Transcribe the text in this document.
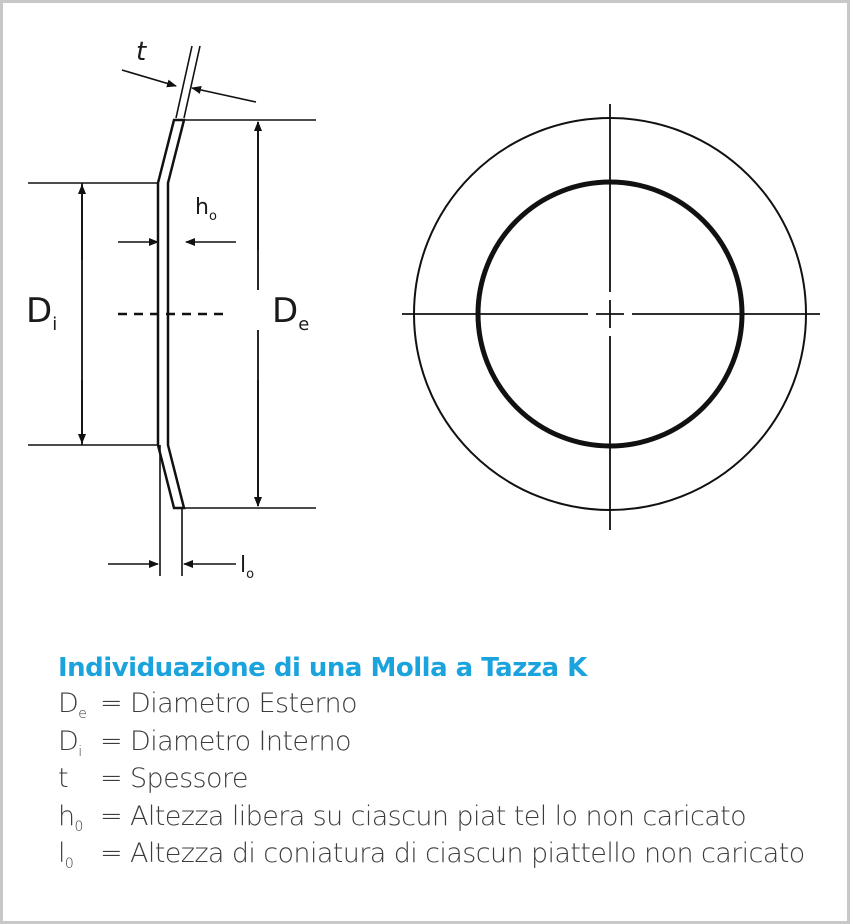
t
$D_i$	$D_e$
$h_o$
$l_o$
Individuazione di una Molla a Tazza K
$D_e$ = Diametro Esterno
$D_i$ = Diametro Interno
t	= Spessore
$h_0$ = Altezza libera su ciascun piat tel lo non caricato
$l_0$ = Altezza di coniatura di ciascun piattello non caricato
